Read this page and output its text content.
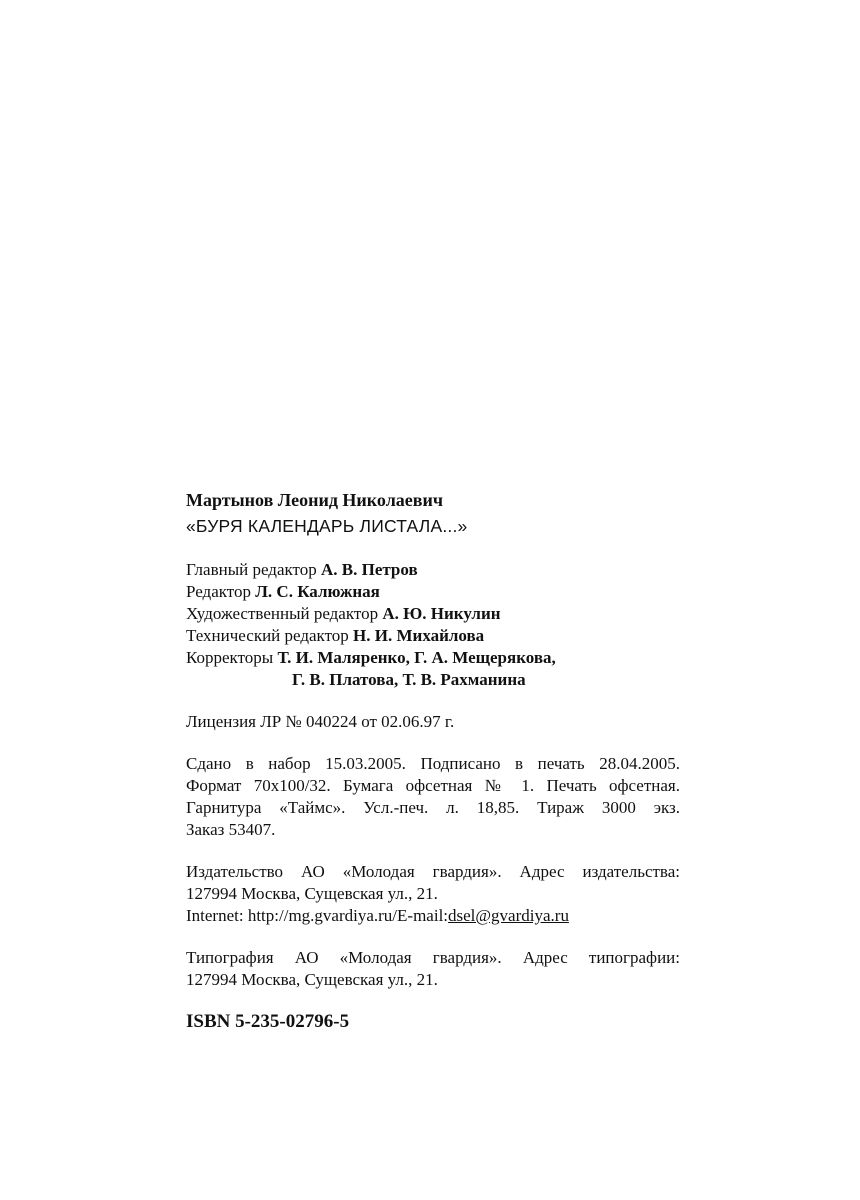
Мартынов Леонид Николаевич
«БУРЯ КАЛЕНДАРЬ ЛИСТАЛА...»
Главный редактор А. В. Петров
Редактор Л. С. Калюжная
Художественный редактор А. Ю. Никулин
Технический редактор Н. И. Михайлова
Корректоры Т. И. Маляренко, Г. А. Мещерякова,
Г. В. Платова, Т. В. Рахманина
Лицензия ЛР № 040224 от 02.06.97 г.
Сдано в набор 15.03.2005. Подписано в печать 28.04.2005.
Формат 70х100/32. Бумага офсетная № 1. Печать офсетная.
Гарнитура «Таймс». Усл.-печ. л. 18,85. Тираж 3000 экз.
Заказ 53407.
Издательство АО «Молодая гвардия». Адрес издательства:
127994 Москва, Сущевская ул., 21.
Internet: http://mg.gvardiya.ru/E-mail:dsel@gvardiya.ru
Типография АО «Молодая гвардия». Адрес типографии:
127994 Москва, Сущевская ул., 21.
ISBN 5-235-02796-5
